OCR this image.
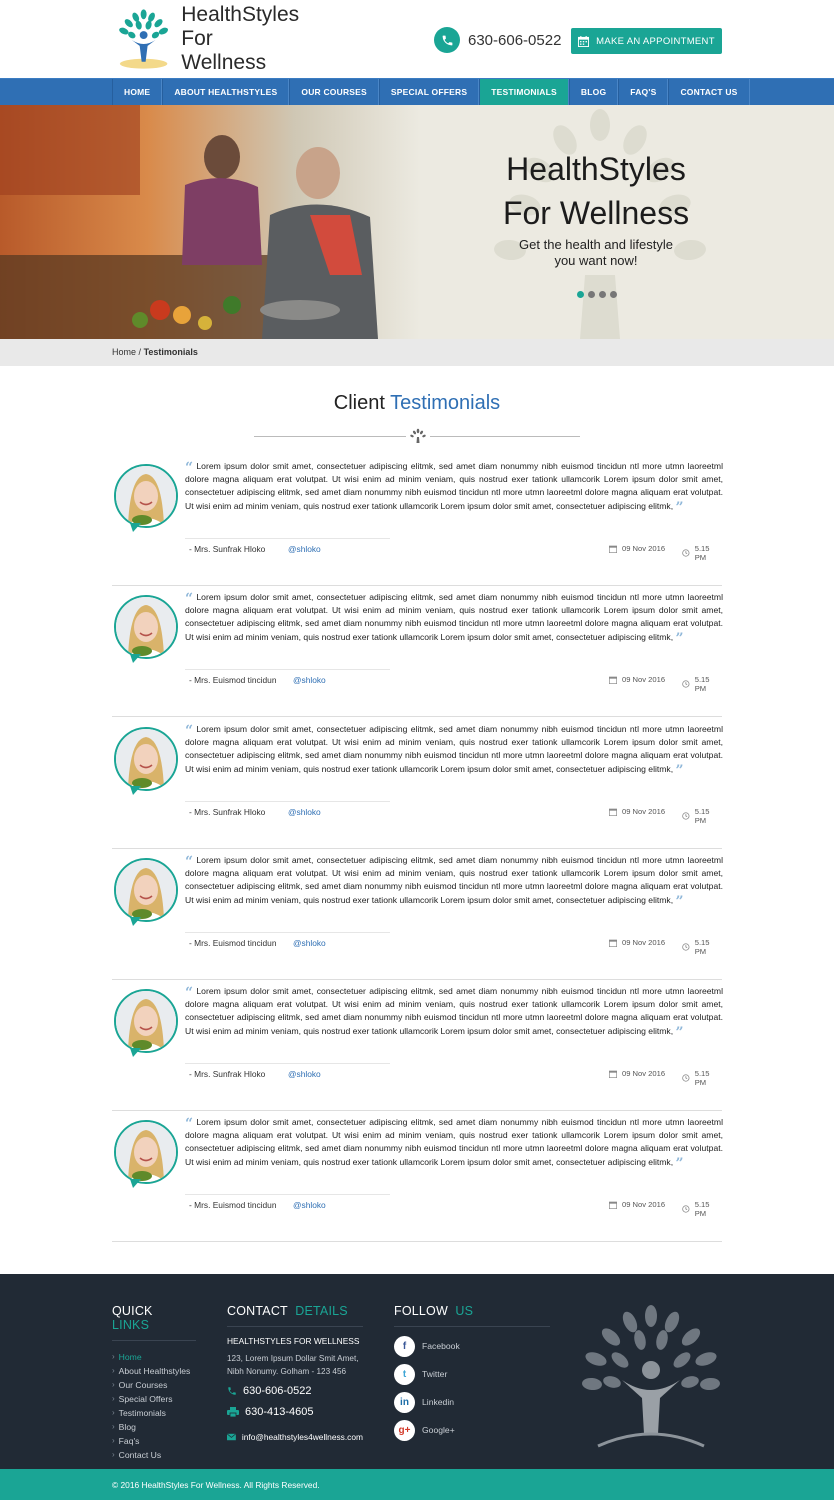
HealthStyles
For Wellness
630-606-0522	MAKE AN APPOINTMENT
HOME	ABOUT HEALTHSTYLES	OUR COURSES	SPECIAL OFFERS	TESTIMONIALS	BLOG	FAQ'S	CONTACT US
HealthStyles
For Wellness
Get the health and lifestyle
you want now!
Home / Testimonials
Client Testimonials
“ Lorem ipsum dolor smit amet, consectetuer adipiscing elitmk, sed amet diam nonummy nibh euismod tincidun ntl more utmn laoreetml dolore magna aliquam erat volutpat. Ut wisi enim ad minim veniam, quis nostrud exer tationk ullamcorik Lorem ipsum dolor smit amet, consectetuer adipiscing elitmk, sed amet diam nonummy nibh euismod tincidun ntl more utmn laoreetml dolore magna aliquam erat volutpat. Ut wisi enim ad minim veniam, quis nostrud exer tationk ullamcorik Lorem ipsum dolor smit amet, consectetuer adipiscing elitmk, ”
- Mrs. Sunfrak Hloko	@shloko	09 Nov 2016	5.15 PM
“ Lorem ipsum dolor smit amet, consectetuer adipiscing elitmk, sed amet diam nonummy nibh euismod tincidun ntl more utmn laoreetml dolore magna aliquam erat volutpat. Ut wisi enim ad minim veniam, quis nostrud exer tationk ullamcorik Lorem ipsum dolor smit amet, consectetuer adipiscing elitmk, sed amet diam nonummy nibh euismod tincidun ntl more utmn laoreetml dolore magna aliquam erat volutpat. Ut wisi enim ad minim veniam, quis nostrud exer tationk ullamcorik Lorem ipsum dolor smit amet, consectetuer adipiscing elitmk, ”
- Mrs. Euismod tincidun @shloko	09 Nov 2016	5.15 PM
“ Lorem ipsum dolor smit amet, consectetuer adipiscing elitmk, sed amet diam nonummy nibh euismod tincidun ntl more utmn laoreetml dolore magna aliquam erat volutpat. Ut wisi enim ad minim veniam, quis nostrud exer tationk ullamcorik Lorem ipsum dolor smit amet, consectetuer adipiscing elitmk, sed amet diam nonummy nibh euismod tincidun ntl more utmn laoreetml dolore magna aliquam erat volutpat. Ut wisi enim ad minim veniam, quis nostrud exer tationk ullamcorik Lorem ipsum dolor smit amet, consectetuer adipiscing elitmk, ”
- Mrs. Sunfrak Hloko	@shloko	09 Nov 2016	5.15 PM
“ Lorem ipsum dolor smit amet, consectetuer adipiscing elitmk, sed amet diam nonummy nibh euismod tincidun ntl more utmn laoreetml dolore magna aliquam erat volutpat. Ut wisi enim ad minim veniam, quis nostrud exer tationk ullamcorik Lorem ipsum dolor smit amet, consectetuer adipiscing elitmk, sed amet diam nonummy nibh euismod tincidun ntl more utmn laoreetml dolore magna aliquam erat volutpat. Ut wisi enim ad minim veniam, quis nostrud exer tationk ullamcorik Lorem ipsum dolor smit amet, consectetuer adipiscing elitmk, ”
- Mrs. Euismod tincidun @shloko	09 Nov 2016	5.15 PM
“ Lorem ipsum dolor smit amet, consectetuer adipiscing elitmk, sed amet diam nonummy nibh euismod tincidun ntl more utmn laoreetml dolore magna aliquam erat volutpat. Ut wisi enim ad minim veniam, quis nostrud exer tationk ullamcorik Lorem ipsum dolor smit amet, consectetuer adipiscing elitmk, sed amet diam nonummy nibh euismod tincidun ntl more utmn laoreetml dolore magna aliquam erat volutpat. Ut wisi enim ad minim veniam, quis nostrud exer tationk ullamcorik Lorem ipsum dolor smit amet, consectetuer adipiscing elitmk, ”
- Mrs. Sunfrak Hloko	@shloko	09 Nov 2016	5.15 PM
“ Lorem ipsum dolor smit amet, consectetuer adipiscing elitmk, sed amet diam nonummy nibh euismod tincidun ntl more utmn laoreetml dolore magna aliquam erat volutpat. Ut wisi enim ad minim veniam, quis nostrud exer tationk ullamcorik Lorem ipsum dolor smit amet, consectetuer adipiscing elitmk, sed amet diam nonummy nibh euismod tincidun ntl more utmn laoreetml dolore magna aliquam erat volutpat. Ut wisi enim ad minim veniam, quis nostrud exer tationk ullamcorik Lorem ipsum dolor smit amet, consectetuer adipiscing elitmk, ”
- Mrs. Euismod tincidun @shloko	09 Nov 2016	5.15 PM
QUICK  LINKS
› Home
› About Healthstyles
› Our Courses
› Special Offers
› Testimonials
› Blog
› Faq's
› Contact Us
CONTACT DETAILS
HEALTHSTYLES FOR WELLNESS
123, Lorem Ipsum Dollar Smit Amet,
Nibh Nonumy. Golham - 123 456
630-606-0522
630-413-4605
info@healthstyles4wellness.com
FOLLOW US
f Facebook
t Twitter
in Linkedin
g+ Google+
© 2016 HealthStyles For Wellness. All Rights Reserved.
